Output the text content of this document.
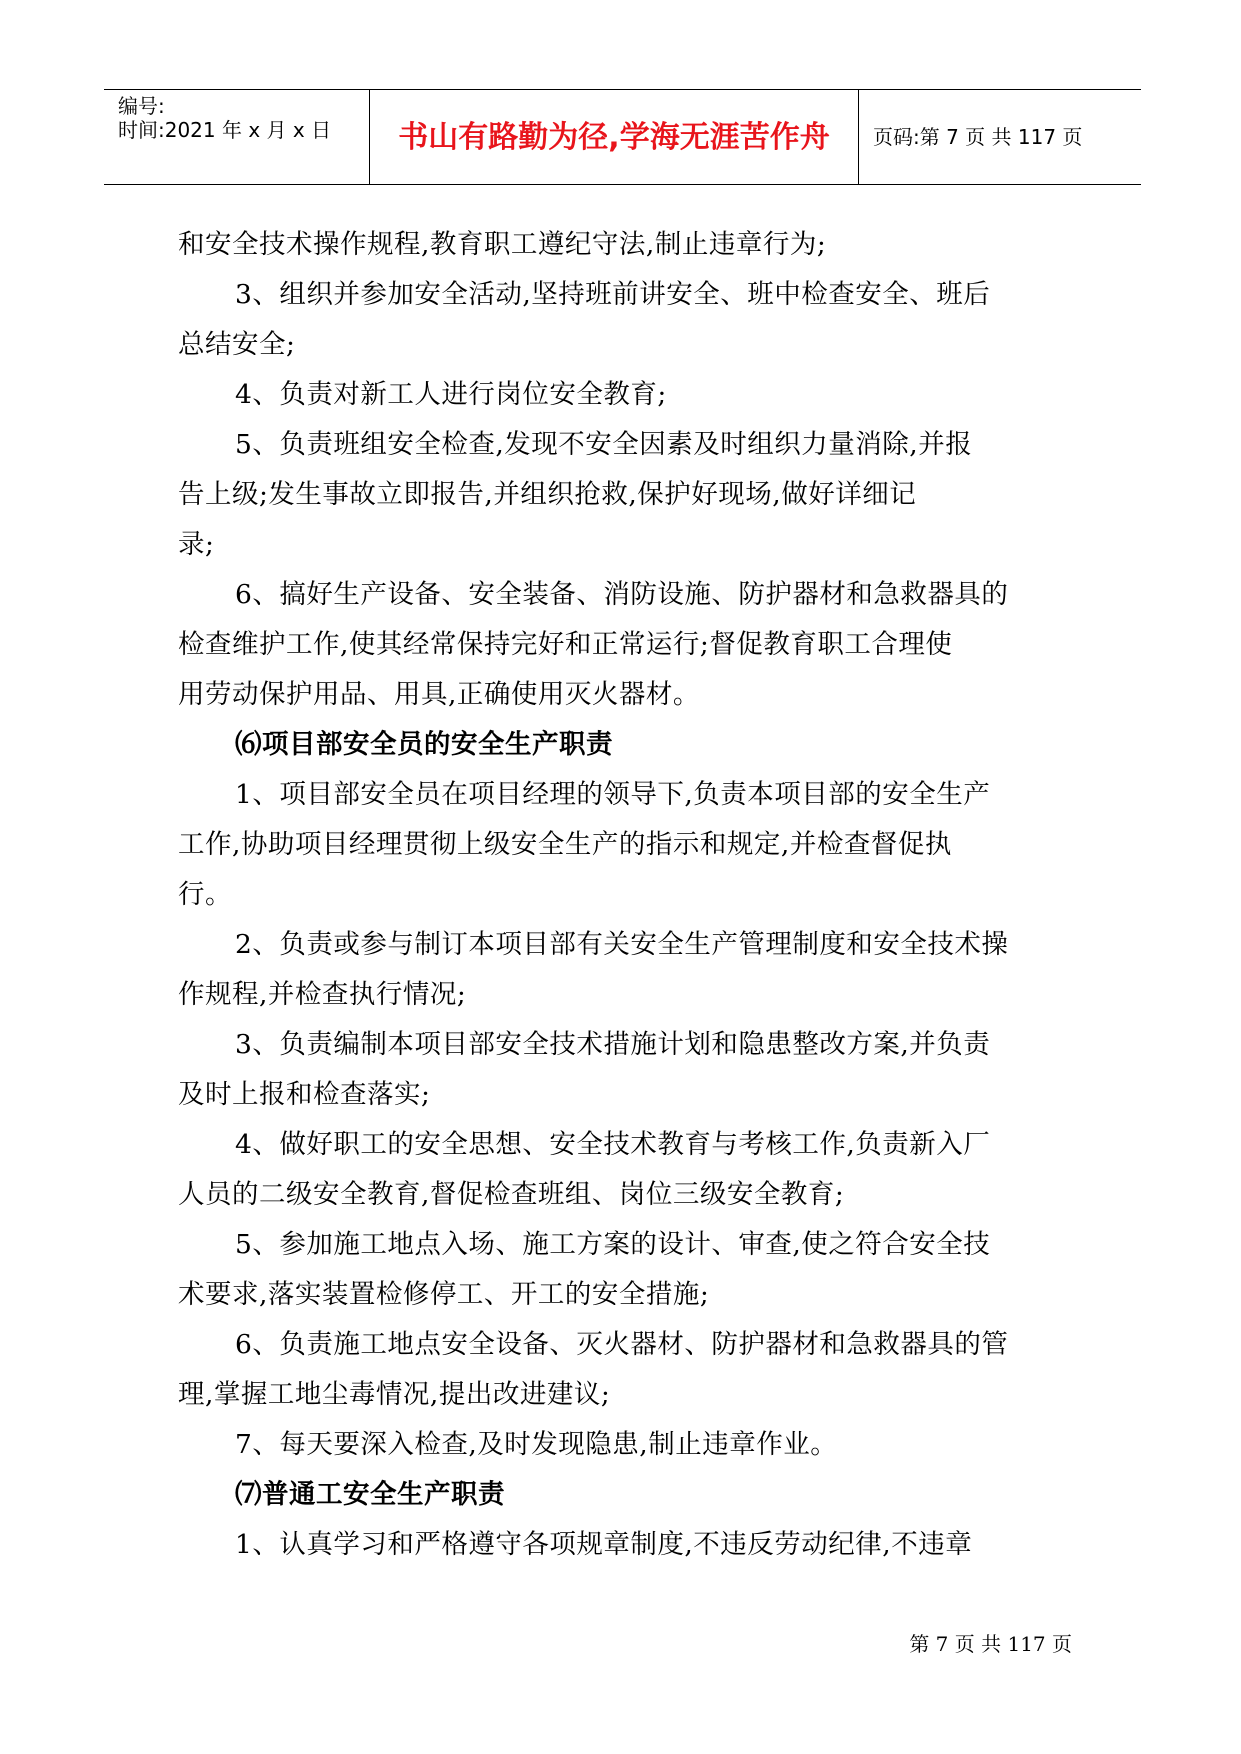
编号:
时间:2021 年 x 月 x 日	书山有路勤为径,学海无涯苦作舟	页码:第 7 页 共 117 页

和安全技术操作规程,教育职工遵纪守法,制止违章行为;

3、组织并参加安全活动,坚持班前讲安全、班中检查安全、班后

总结安全;

4、负责对新工人进行岗位安全教育;

5、负责班组安全检查,发现不安全因素及时组织力量消除,并报

告上级;发生事故立即报告,并组织抢救,保护好现场,做好详细记

录;

6、搞好生产设备、安全装备、消防设施、防护器材和急救器具的

检查维护工作,使其经常保持完好和正常运行;督促教育职工合理使

用劳动保护用品、用具,正确使用灭火器材。

⑹项目部安全员的安全生产职责

1、项目部安全员在项目经理的领导下,负责本项目部的安全生产

工作,协助项目经理贯彻上级安全生产的指示和规定,并检查督促执

行。

2、负责或参与制订本项目部有关安全生产管理制度和安全技术操

作规程,并检查执行情况;

3、负责编制本项目部安全技术措施计划和隐患整改方案,并负责

及时上报和检查落实;

4、做好职工的安全思想、安全技术教育与考核工作,负责新入厂

人员的二级安全教育,督促检查班组、岗位三级安全教育;

5、参加施工地点入场、施工方案的设计、审查,使之符合安全技

术要求,落实装置检修停工、开工的安全措施;

6、负责施工地点安全设备、灭火器材、防护器材和急救器具的管

理,掌握工地尘毒情况,提出改进建议;

7、每天要深入检查,及时发现隐患,制止违章作业。

⑺普通工安全生产职责

1、认真学习和严格遵守各项规章制度,不违反劳动纪律,不违章

第 7 页 共 117 页
